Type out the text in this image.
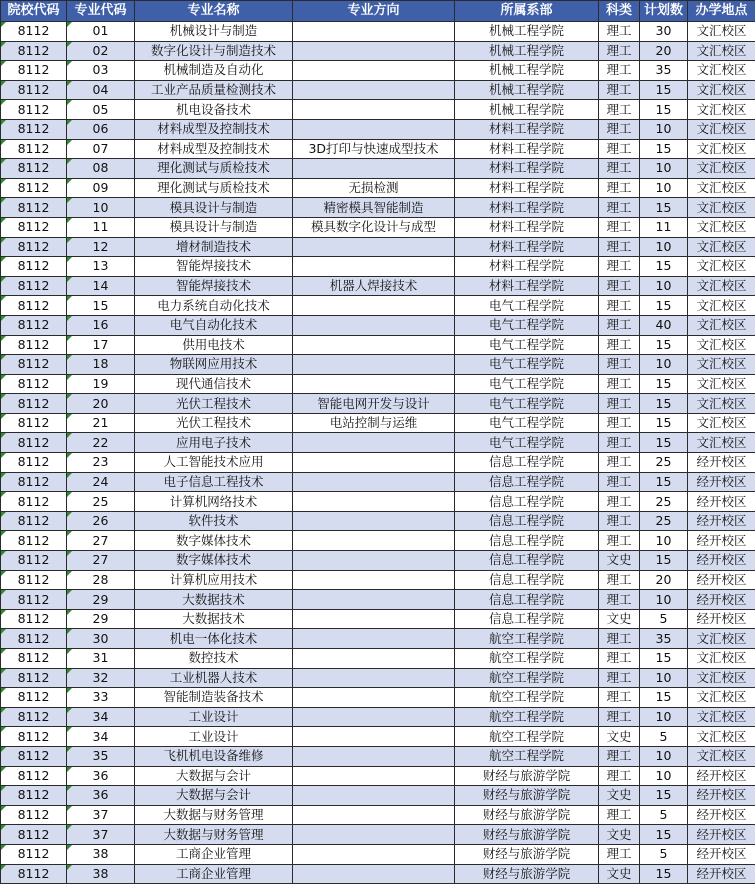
院校代码	专业代码	专业名称	专业方向	所属系部	科类	计划数	办学地点
8112	01	机械设计与制造		机械工程学院	理工	30	文汇校区
8112	02	数字化设计与制造技术		机械工程学院	理工	20	文汇校区
8112	03	机械制造及自动化		机械工程学院	理工	35	文汇校区
8112	04	工业产品质量检测技术		机械工程学院	理工	15	文汇校区
8112	05	机电设备技术		机械工程学院	理工	15	文汇校区
8112	06	材料成型及控制技术		材料工程学院	理工	10	文汇校区
8112	07	材料成型及控制技术	3D打印与快速成型技术	材料工程学院	理工	15	文汇校区
8112	08	理化测试与质检技术		材料工程学院	理工	10	文汇校区
8112	09	理化测试与质检技术	无损检测	材料工程学院	理工	10	文汇校区
8112	10	模具设计与制造	精密模具智能制造	材料工程学院	理工	15	文汇校区
8112	11	模具设计与制造	模具数字化设计与成型	材料工程学院	理工	11	文汇校区
8112	12	增材制造技术		材料工程学院	理工	10	文汇校区
8112	13	智能焊接技术		材料工程学院	理工	15	文汇校区
8112	14	智能焊接技术	机器人焊接技术	材料工程学院	理工	10	文汇校区
8112	15	电力系统自动化技术		电气工程学院	理工	15	文汇校区
8112	16	电气自动化技术		电气工程学院	理工	40	文汇校区
8112	17	供用电技术		电气工程学院	理工	15	文汇校区
8112	18	物联网应用技术		电气工程学院	理工	10	文汇校区
8112	19	现代通信技术		电气工程学院	理工	15	文汇校区
8112	20	光伏工程技术	智能电网开发与设计	电气工程学院	理工	15	文汇校区
8112	21	光伏工程技术	电站控制与运维	电气工程学院	理工	15	文汇校区
8112	22	应用电子技术		电气工程学院	理工	15	文汇校区
8112	23	人工智能技术应用		信息工程学院	理工	25	经开校区
8112	24	电子信息工程技术		信息工程学院	理工	15	经开校区
8112	25	计算机网络技术		信息工程学院	理工	25	经开校区
8112	26	软件技术		信息工程学院	理工	25	经开校区
8112	27	数字媒体技术		信息工程学院	理工	10	经开校区
8112	27	数字媒体技术		信息工程学院	文史	15	经开校区
8112	28	计算机应用技术		信息工程学院	理工	20	经开校区
8112	29	大数据技术		信息工程学院	理工	10	经开校区
8112	29	大数据技术		信息工程学院	文史	5	经开校区
8112	30	机电一体化技术		航空工程学院	理工	35	文汇校区
8112	31	数控技术		航空工程学院	理工	15	文汇校区
8112	32	工业机器人技术		航空工程学院	理工	10	文汇校区
8112	33	智能制造装备技术		航空工程学院	理工	15	文汇校区
8112	34	工业设计		航空工程学院	理工	10	文汇校区
8112	34	工业设计		航空工程学院	文史	5	文汇校区
8112	35	飞机机电设备维修		航空工程学院	理工	10	文汇校区
8112	36	大数据与会计		财经与旅游学院	理工	10	经开校区
8112	36	大数据与会计		财经与旅游学院	文史	15	经开校区
8112	37	大数据与财务管理		财经与旅游学院	理工	5	经开校区
8112	37	大数据与财务管理		财经与旅游学院	文史	15	经开校区
8112	38	工商企业管理		财经与旅游学院	理工	5	经开校区
8112	38	工商企业管理		财经与旅游学院	文史	15	经开校区
